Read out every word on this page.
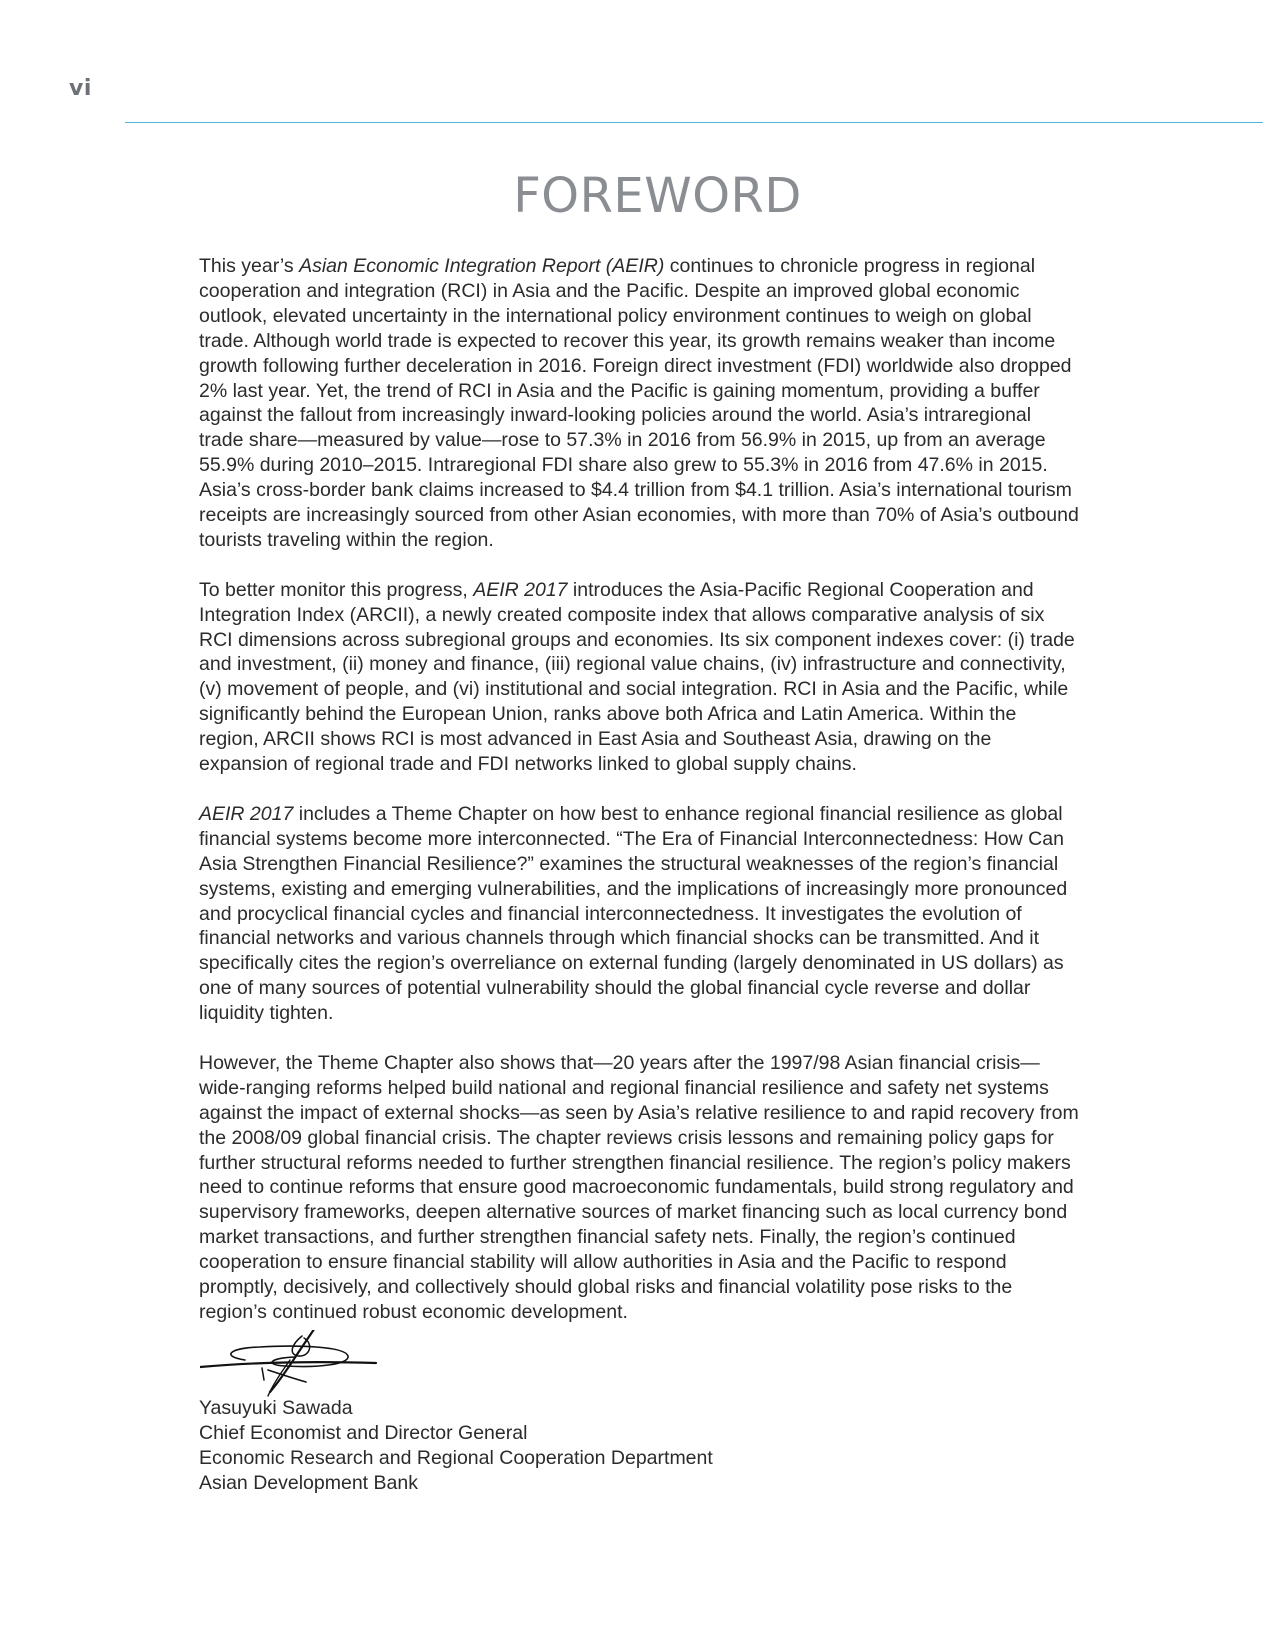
vi
FOREWORD

This year’s Asian Economic Integration Report (AEIR) continues to chronicle progress in regional cooperation and integration (RCI) in Asia and the Pacific. Despite an improved global economic outlook, elevated uncertainty in the international policy environment continues to weigh on global trade. Although world trade is expected to recover this year, its growth remains weaker than income growth following further deceleration in 2016. Foreign direct investment (FDI) worldwide also dropped 2% last year. Yet, the trend of RCI in Asia and the Pacific is gaining momentum, providing a buffer against the fallout from increasingly inward-looking policies around the world. Asia’s intraregional trade share—measured by value—rose to 57.3% in 2016 from 56.9% in 2015, up from an average 55.9% during 2010–2015. Intraregional FDI share also grew to 55.3% in 2016 from 47.6% in 2015. Asia’s cross-border bank claims increased to $4.4 trillion from $4.1 trillion. Asia’s international tourism receipts are increasingly sourced from other Asian economies, with more than 70% of Asia’s outbound tourists traveling within the region.

To better monitor this progress, AEIR 2017 introduces the Asia-Pacific Regional Cooperation and Integration Index (ARCII), a newly created composite index that allows comparative analysis of six RCI dimensions across subregional groups and economies. Its six component indexes cover: (i) trade and investment, (ii) money and finance, (iii) regional value chains, (iv) infrastructure and connectivity, (v) movement of people, and (vi) institutional and social integration. RCI in Asia and the Pacific, while significantly behind the European Union, ranks above both Africa and Latin America. Within the region, ARCII shows RCI is most advanced in East Asia and Southeast Asia, drawing on the expansion of regional trade and FDI networks linked to global supply chains.

AEIR 2017 includes a Theme Chapter on how best to enhance regional financial resilience as global financial systems become more interconnected. “The Era of Financial Interconnectedness: How Can Asia Strengthen Financial Resilience?” examines the structural weaknesses of the region’s financial systems, existing and emerging vulnerabilities, and the implications of increasingly more pronounced and procyclical financial cycles and financial interconnectedness. It investigates the evolution of financial networks and various channels through which financial shocks can be transmitted. And it specifically cites the region’s overreliance on external funding (largely denominated in US dollars) as one of many sources of potential vulnerability should the global financial cycle reverse and dollar liquidity tighten.

However, the Theme Chapter also shows that—20 years after the 1997/98 Asian financial crisis—wide-ranging reforms helped build national and regional financial resilience and safety net systems against the impact of external shocks—as seen by Asia’s relative resilience to and rapid recovery from the 2008/09 global financial crisis. The chapter reviews crisis lessons and remaining policy gaps for further structural reforms needed to further strengthen financial resilience. The region’s policy makers need to continue reforms that ensure good macroeconomic fundamentals, build strong regulatory and supervisory frameworks, deepen alternative sources of market financing such as local currency bond market transactions, and further strengthen financial safety nets. Finally, the region’s continued cooperation to ensure financial stability will allow authorities in Asia and the Pacific to respond promptly, decisively, and collectively should global risks and financial volatility pose risks to the region’s continued robust economic development.

Yasuyuki Sawada
Chief Economist and Director General
Economic Research and Regional Cooperation Department
Asian Development Bank
